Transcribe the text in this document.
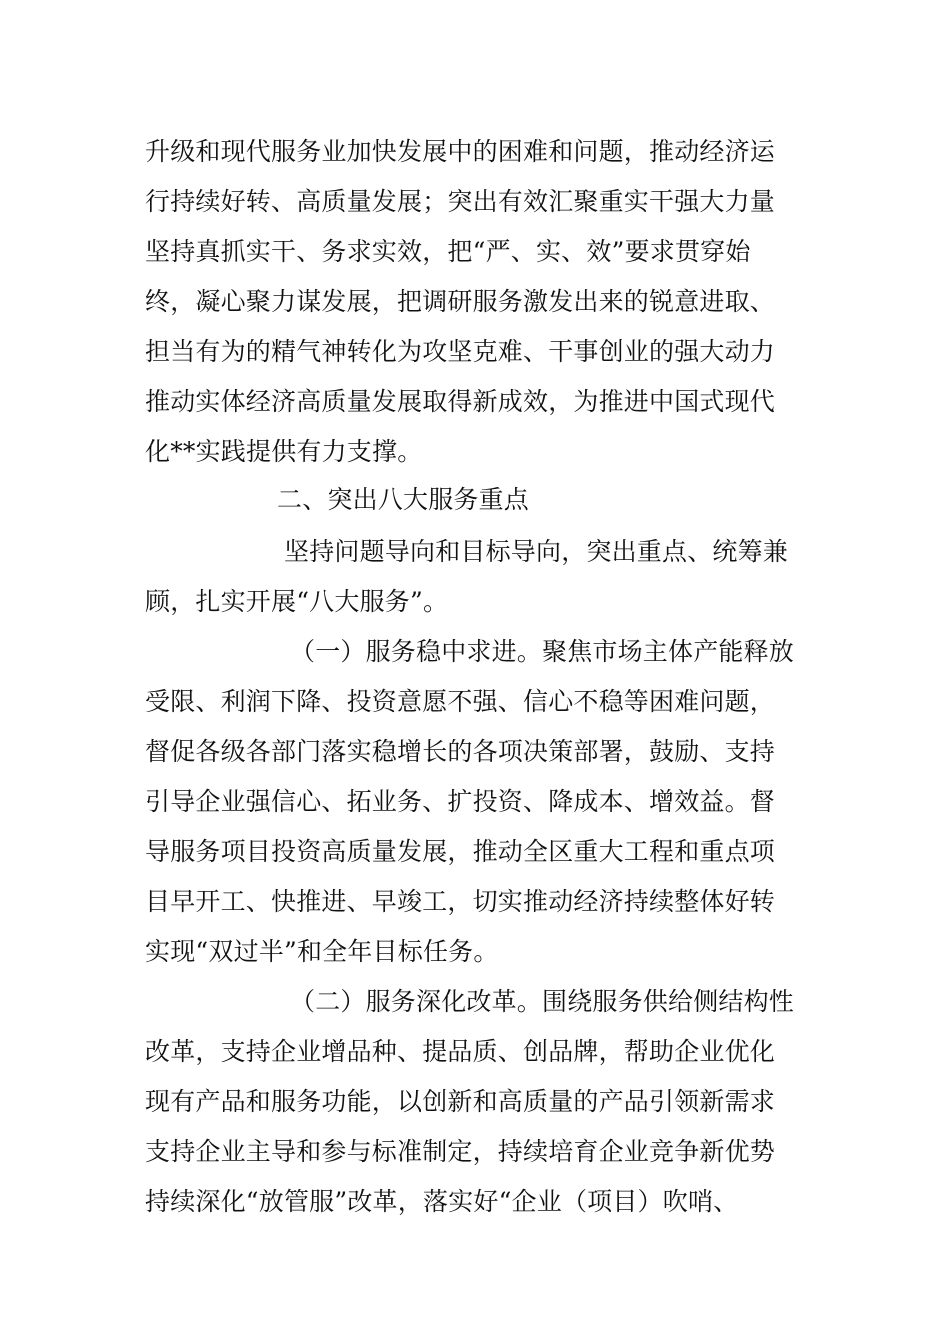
升级和现代服务业加快发展中的困难和问题，推动经济运
行持续好转、高质量发展；突出有效汇聚重实干强大力量
坚持真抓实干、务求实效，把“严、实、效”要求贯穿始
终，凝心聚力谋发展，把调研服务激发出来的锐意进取、
担当有为的精气神转化为攻坚克难、干事创业的强大动力
推动实体经济高质量发展取得新成效，为推进中国式现代
化**实践提供有力支撑。
二、突出八大服务重点
坚持问题导向和目标导向，突出重点、统筹兼
顾，扎实开展“八大服务”。
（一）服务稳中求进。聚焦市场主体产能释放
受限、利润下降、投资意愿不强、信心不稳等困难问题，
督促各级各部门落实稳增长的各项决策部署，鼓励、支持
引导企业强信心、拓业务、扩投资、降成本、增效益。督
导服务项目投资高质量发展，推动全区重大工程和重点项
目早开工、快推进、早竣工，切实推动经济持续整体好转
实现“双过半”和全年目标任务。
（二）服务深化改革。围绕服务供给侧结构性
改革，支持企业增品种、提品质、创品牌，帮助企业优化
现有产品和服务功能，以创新和高质量的产品引领新需求
支持企业主导和参与标准制定，持续培育企业竞争新优势
持续深化“放管服”改革，落实好“企业（项目）吹哨、
